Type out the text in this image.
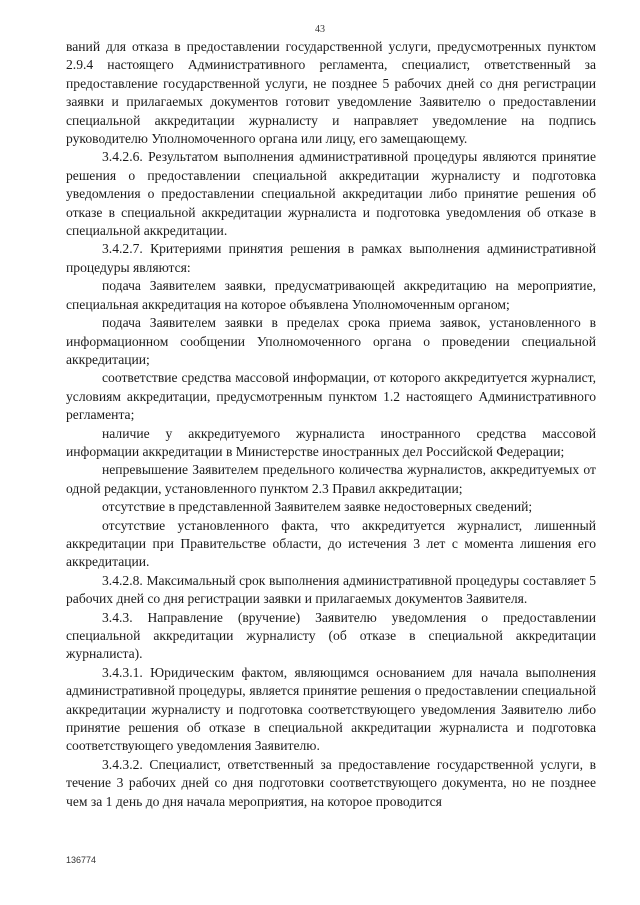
43

ваний для отказа в предоставлении государственной услуги, предусмотренных пунктом 2.9.4 настоящего Административного регламента, специалист, ответственный за предоставление государственной услуги, не позднее 5 рабочих дней со дня регистрации заявки и прилагаемых документов готовит уведомление Заявителю о предоставлении специальной аккредитации журналисту и направляет уведомление на подпись руководителю Уполномоченного органа или лицу, его замещающему.

3.4.2.6. Результатом выполнения административной процедуры являются принятие решения о предоставлении специальной аккредитации журналисту и подготовка уведомления о предоставлении специальной аккредитации либо принятие решения об отказе в специальной аккредитации журналиста и подготовка уведомления об отказе в специальной аккредитации.

3.4.2.7. Критериями принятия решения в рамках выполнения административной процедуры являются:

подача Заявителем заявки, предусматривающей аккредитацию на мероприятие, специальная аккредитация на которое объявлена Уполномоченным органом;

подача Заявителем заявки в пределах срока приема заявок, установленного в информационном сообщении Уполномоченного органа о проведении специальной аккредитации;

соответствие средства массовой информации, от которого аккредитуется журналист, условиям аккредитации, предусмотренным пунктом 1.2 настоящего Административного регламента;

наличие у аккредитуемого журналиста иностранного средства массовой информации аккредитации в Министерстве иностранных дел Российской Федерации;

непревышение Заявителем предельного количества журналистов, аккредитуемых от одной редакции, установленного пунктом 2.3 Правил аккредитации;

отсутствие в представленной Заявителем заявке недостоверных сведений;

отсутствие установленного факта, что аккредитуется журналист, лишенный аккредитации при Правительстве области, до истечения 3 лет с момента лишения его аккредитации.

3.4.2.8. Максимальный срок выполнения административной процедуры составляет 5 рабочих дней со дня регистрации заявки и прилагаемых документов Заявителя.

3.4.3. Направление (вручение) Заявителю уведомления о предоставлении специальной аккредитации журналисту (об отказе в специальной аккредитации журналиста).

3.4.3.1. Юридическим фактом, являющимся основанием для начала выполнения административной процедуры, является принятие решения о предоставлении специальной аккредитации журналисту и подготовка соответствующего уведомления Заявителю либо принятие решения об отказе в специальной аккредитации журналиста и подготовка соответствующего уведомления Заявителю.

3.4.3.2. Специалист, ответственный за предоставление государственной услуги, в течение 3 рабочих дней со дня подготовки соответствующего документа, но не позднее чем за 1 день до дня начала мероприятия, на которое проводится

136774
